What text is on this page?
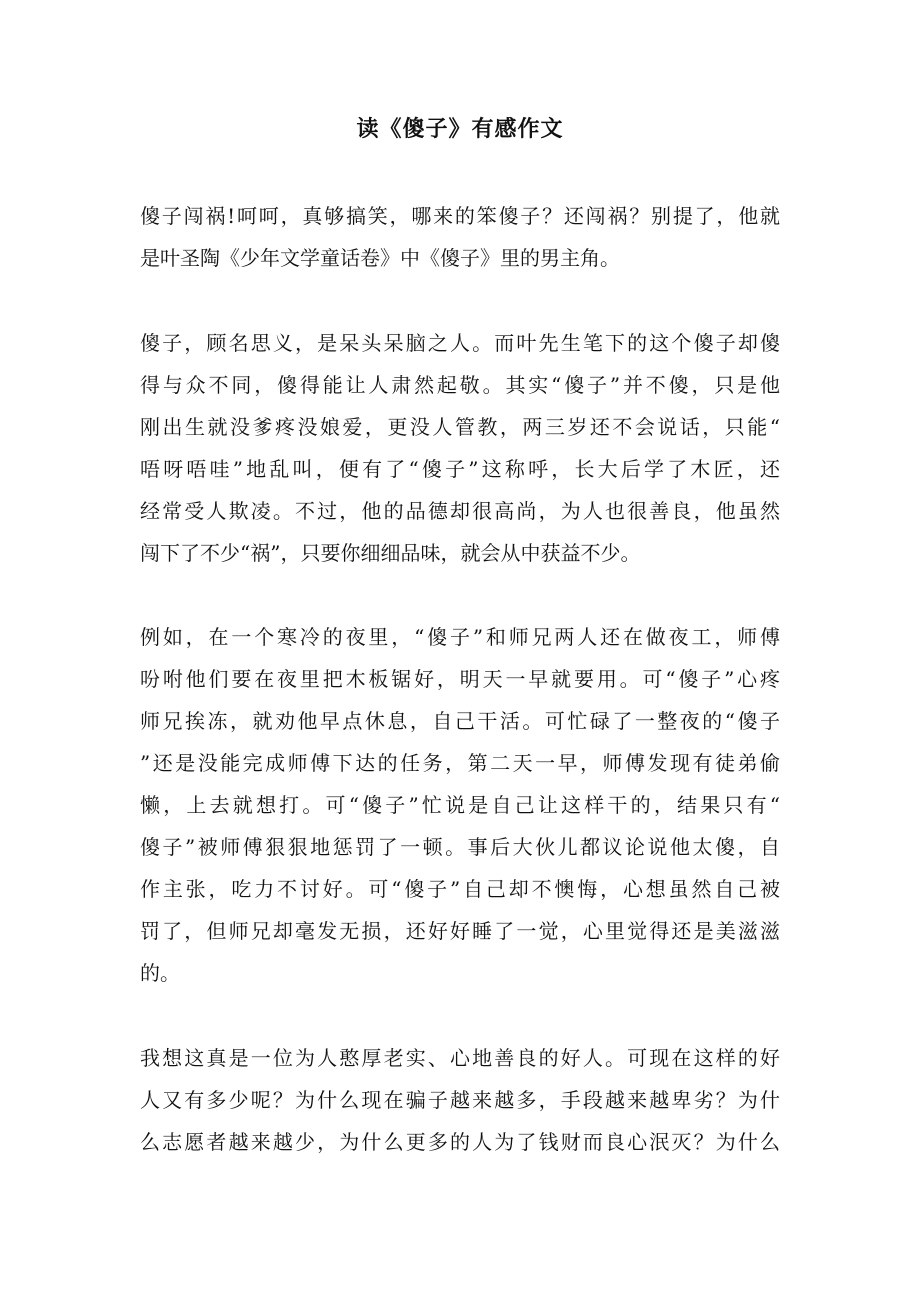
读《傻子》有感作文

傻子闯祸!呵呵，真够搞笑，哪来的笨傻子？还闯祸？别提了，他就

是叶圣陶《少年文学童话卷》中《傻子》里的男主角。

傻子，顾名思义，是呆头呆脑之人。而叶先生笔下的这个傻子却傻

得与众不同，傻得能让人肃然起敬。其实“傻子”并不傻，只是他

刚出生就没爹疼没娘爱，更没人管教，两三岁还不会说话，只能“

唔呀唔哇”地乱叫，便有了“傻子”这称呼，长大后学了木匠，还

经常受人欺凌。不过，他的品德却很高尚，为人也很善良，他虽然

闯下了不少“祸”，只要你细细品味，就会从中获益不少。

例如，在一个寒冷的夜里，“傻子”和师兄两人还在做夜工，师傅

吩咐他们要在夜里把木板锯好，明天一早就要用。可“傻子”心疼

师兄挨冻，就劝他早点休息，自己干活。可忙碌了一整夜的“傻子

”还是没能完成师傅下达的任务，第二天一早，师傅发现有徒弟偷

懒，上去就想打。可“傻子”忙说是自己让这样干的，结果只有“

傻子”被师傅狠狠地惩罚了一顿。事后大伙儿都议论说他太傻，自

作主张，吃力不讨好。可“傻子”自己却不懊悔，心想虽然自己被

罚了，但师兄却毫发无损，还好好睡了一觉，心里觉得还是美滋滋

的。

我想这真是一位为人憨厚老实、心地善良的好人。可现在这样的好

人又有多少呢？为什么现在骗子越来越多，手段越来越卑劣？为什

么志愿者越来越少，为什么更多的人为了钱财而良心泯灭？为什么
